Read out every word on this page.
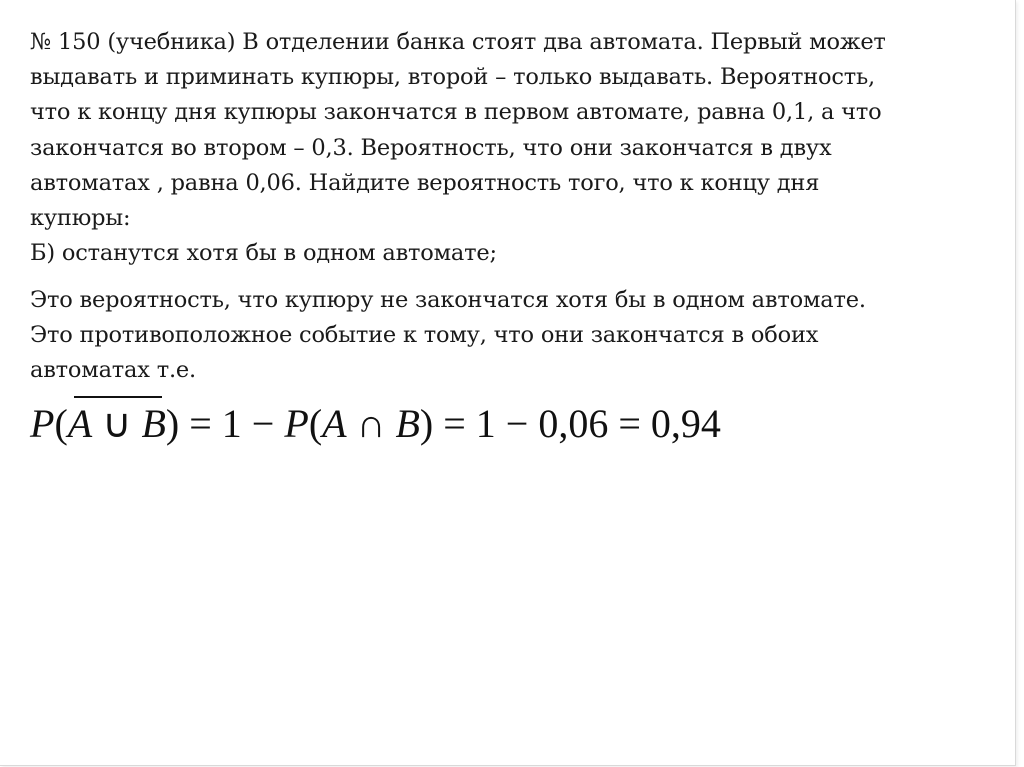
№ 150 (учебника) В отделении банка стоят два автомата. Первый может
выдавать и приминать купюры, второй – только выдавать. Вероятность,
что к концу дня купюры закончатся в первом автомате, равна 0,1, а что
закончатся во втором – 0,3. Вероятность, что они закончатся в двух
автоматах , равна 0,06. Найдите вероятность того, что к концу дня
купюры:
Б) останутся хотя бы в одном автомате;
Это вероятность, что купюру не закончатся хотя бы в одном автомате.
Это противоположное событие к тому, что они закончатся в обоих
автоматах т.е.
P(
A ∪ B) = 1 − P(A ∩ B) = 1 − 0,06 = 0,94
